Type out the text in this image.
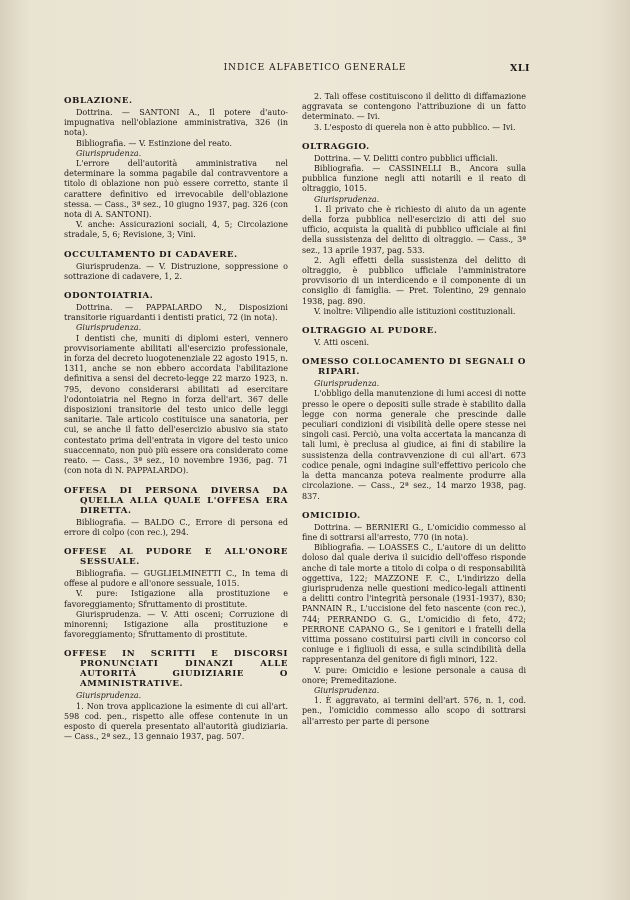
INDICE ALFABETICO GENERALE	XLI
OBLAZIONE.

Dottrina. — SANTONI A., Il potere d'auto-impugnativa nell'oblazione amministrativa, 326 (in nota).

Bibliografia. — V. Estinzione del reato.

Giurisprudenza.

L'errore dell'autorità amministrativa nel determinare la somma pagabile dal contravventore a titolo di oblazione non può essere corretto, stante il carattere definitivo ed irrevocabile dell'oblazione stessa. — Cass., 3ª sez., 10 giugno 1937, pag. 326 (con nota di A. SANTONI).

V. anche: Assicurazioni sociali, 4, 5; Circolazione stradale, 5, 6; Revisione, 3; Vini.

OCCULTAMENTO DI CADAVERE.

Giurisprudenza. — V. Distruzione, soppressione o sottrazione di cadavere, 1, 2.

ODONTOIATRIA.

Dottrina. — PAPPALARDO N., Disposizioni transitorie riguardanti i dentisti pratici, 72 (in nota).

Giurisprudenza.

I dentisti che, muniti di diplomi esteri, vennero provvisoriamente abilitati all'esercizio professionale, in forza del decreto luogotenenziale 22 agosto 1915, n. 1311, anche se non ebbero accordata l'abilitazione definitiva a sensi del decreto-legge 22 marzo 1923, n. 795, devono considerarsi abilitati ad esercitare l'odontoiatria nel Regno in forza dell'art. 367 delle disposizioni transitorie del testo unico delle leggi sanitarie. Tale articolo costituisce una sanatoria, per cui, se anche il fatto dell'esercizio abusivo sia stato contestato prima dell'entrata in vigore del testo unico suaccennato, non può più essere ora considerato come reato. — Cass., 3ª sez., 10 novembre 1936, pag. 71 (con nota di N. PAPPALARDO).

OFFESA DI PERSONA DIVERSA DA QUELLA ALLA QUALE L'OFFESA ERA DIRETTA.

Bibliografia. — BALDO C., Errore di persona ed errore di colpo (con rec.), 294.

OFFESE AL PUDORE E ALL'ONORE SESSUALE.

Bibliografia. — GUGLIELMINETTI C., In tema di offese al pudore e all'onore sessuale, 1015.

V. pure: Istigazione alla prostituzione e favoreggiamento; Sfruttamento di prostitute.

Giurisprudenza. — V. Atti osceni; Corruzione di minorenni; Istigazione alla prostituzione e favoreggiamento; Sfruttamento di prostitute.

OFFESE IN SCRITTI E DISCORSI PRONUNCIATI DINANZI ALLE AUTORITÀ GIUDIZIARIE O AMMINISTRATIVE.

Giurisprudenza.

1. Non trova applicazione la esimente di cui all'art. 598 cod. pen., rispetto alle offese contenute in un esposto di querela presentato all'autorità giudiziaria. — Cass., 2ª sez., 13 gennaio 1937, pag. 507.

2. Tali offese costituiscono il delitto di diffamazione aggravata se contengono l'attribuzione di un fatto determinato. — Ivi.

3. L'esposto di querela non è atto pubblico. — Ivi.

OLTRAGGIO.

Dottrina. — V. Delitti contro pubblici ufficiali.

Bibliografia. — CASSINELLI B., Ancora sulla pubblica funzione negli atti notarili e il reato di oltraggio, 1015.

Giurisprudenza.

1. Il privato che è richiesto di aiuto da un agente della forza pubblica nell'esercizio di atti del suo ufficio, acquista la qualità di pubblico ufficiale ai fini della sussistenza del delitto di oltraggio. — Cass., 3ª sez., 13 aprile 1937, pag. 533.

2. Agli effetti della sussistenza del delitto di oltraggio, è pubblico ufficiale l'amministratore provvisorio di un interdicendo e il componente di un consiglio di famiglia. — Pret. Tolentino, 29 gennaio 1938, pag. 890.

V. inoltre: Vilipendio alle istituzioni costituzionali.

OLTRAGGIO AL PUDORE.

V. Atti osceni.

OMESSO COLLOCAMENTO DI SEGNALI O RIPARI.

Giurisprudenza.

L'obbligo della manutenzione di lumi accesi di notte presso le opere o depositi sulle strade è stabilito dalla legge con norma generale che prescinde dalle peculiari condizioni di visibilità delle opere stesse nei singoli casi. Perciò, una volta accertata la mancanza di tali lumi, è preclusa al giudice, ai fini di stabilire la sussistenza della contravvenzione di cui all'art. 673 codice penale, ogni indagine sull'effettivo pericolo che la detta mancanza poteva realmente produrre alla circolazione. — Cass., 2ª sez., 14 marzo 1938, pag. 837.

OMICIDIO.

Dottrina. — BERNIERI G., L'omicidio commesso al fine di sottrarsi all'arresto, 770 (in nota).

Bibliografia. — LOASSES C., L'autore di un delitto doloso dal quale deriva il suicidio dell'offeso risponde anche di tale morte a titolo di colpa o di responsabilità oggettiva, 122; MAZZONE F. C., L'indirizzo della giurisprudenza nelle questioni medico-legali attinenti a delitti contro l'integrità personale (1931-1937), 830; PANNAIN R., L'uccisione del feto nascente (con rec.), 744; PERRANDO G. G., L'omicidio di feto, 472; PERRONE CAPANO G., Se i genitori e i fratelli della vittima possano costituirsi parti civili in concorso col coniuge e i figliuoli di essa, e sulla scindibilità della rappresentanza del genitore di figli minori, 122.

V. pure: Omicidio e lesione personale a causa di onore; Premeditazione.

Giurisprudenza.

1. È aggravato, ai termini dell'art. 576, n. 1, cod. pen., l'omicidio commesso allo scopo di sottrarsi all'arresto per parte di persone
